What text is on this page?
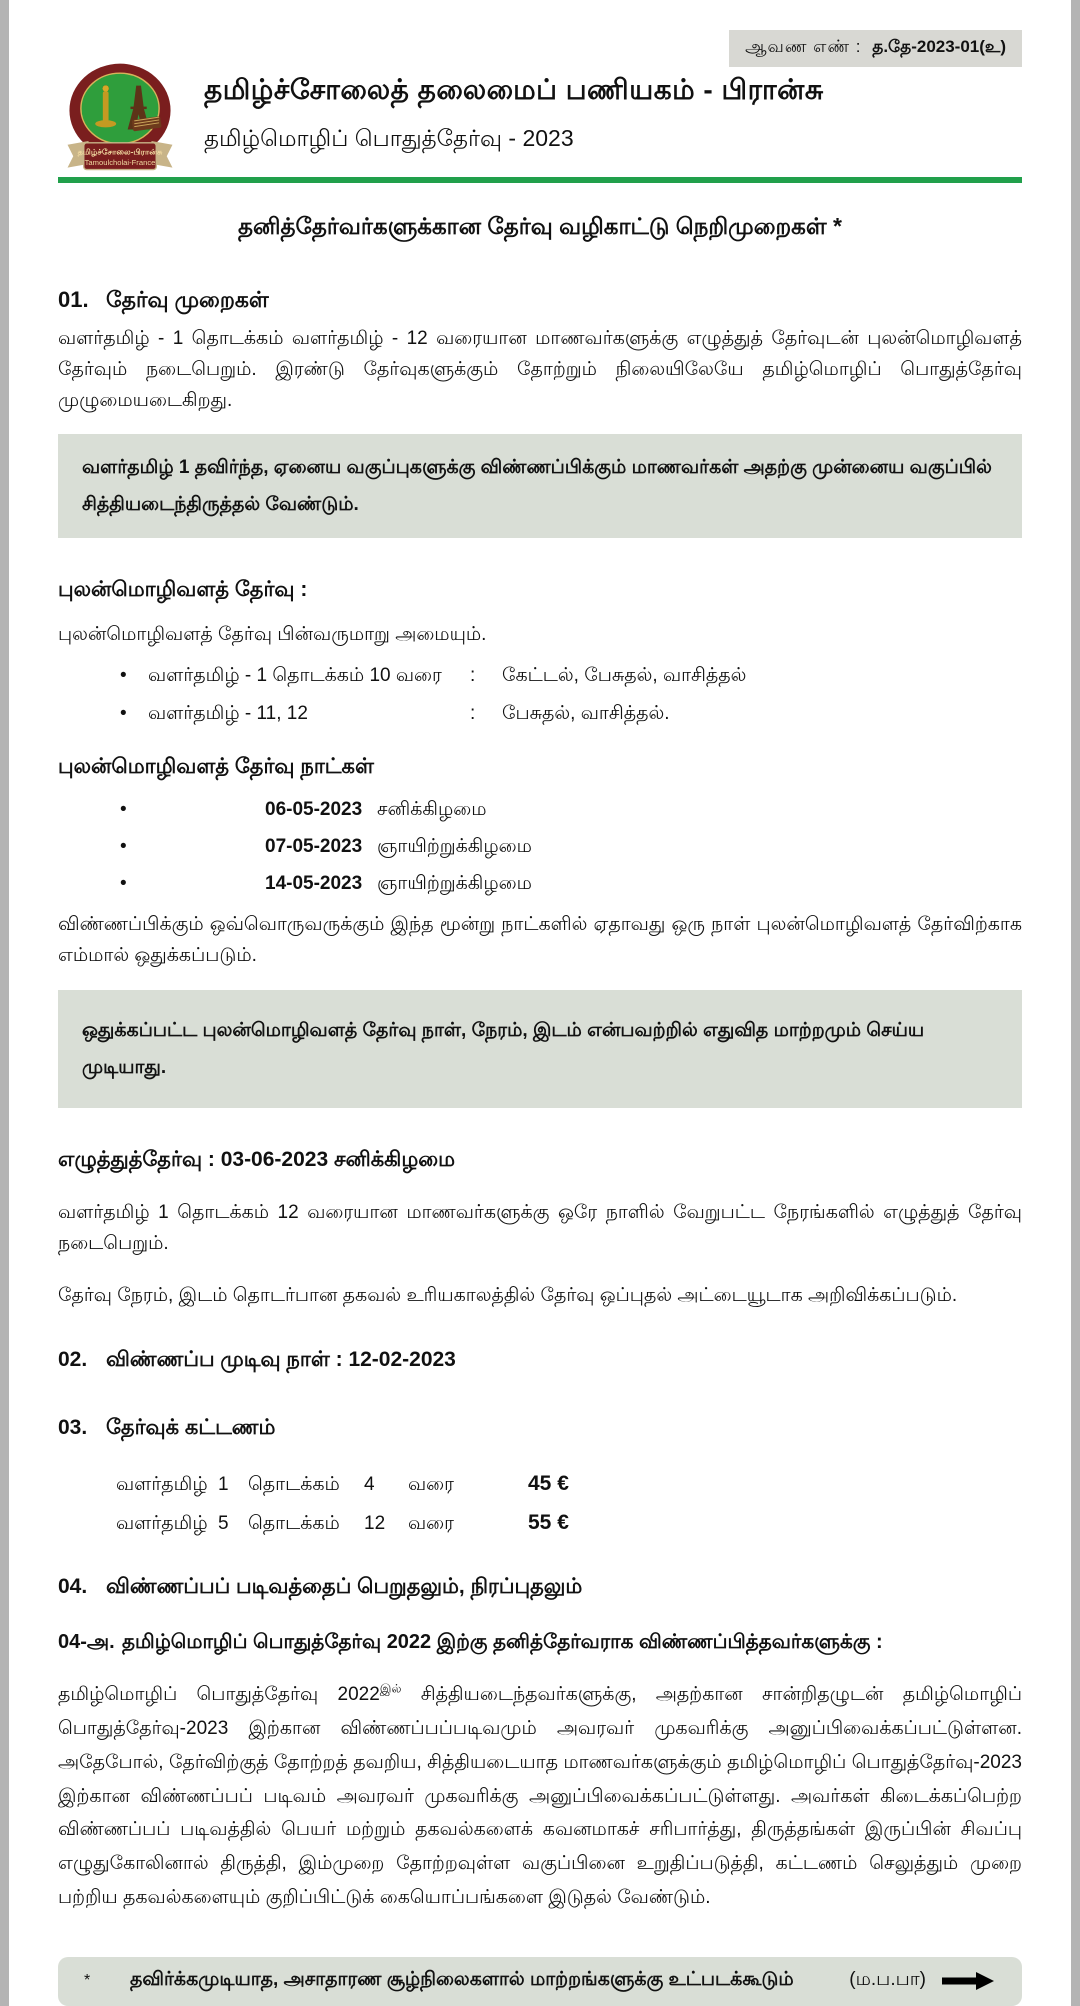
ஆவண எண் : த.தே-2023-01(உ)
தமிழ்ச்சோலை-பிரான்சு
Tamoulcholai-France
தமிழ்ச்சோலைத் தலைமைப் பணியகம் - பிரான்சு
தமிழ்மொழிப் பொதுத்தேர்வு - 2023
தனித்தேர்வர்களுக்கான தேர்வு வழிகாட்டு நெறிமுறைகள் *
01. தேர்வு முறைகள்

வளர்தமிழ் - 1 தொடக்கம் வளர்தமிழ் - 12 வரையான மாணவர்களுக்கு எழுத்துத் தேர்வுடன் புலன்மொழிவளத் தேர்வும் நடைபெறும். இரண்டு தேர்வுகளுக்கும் தோற்றும் நிலையிலேயே தமிழ்மொழிப் பொதுத்தேர்வு முழுமையடைகிறது.

வளர்தமிழ் 1 தவிர்ந்த, ஏனைய வகுப்புகளுக்கு விண்ணப்பிக்கும் மாணவர்கள் அதற்கு முன்னைய வகுப்பில் சித்தியடைந்திருத்தல் வேண்டும்.
புலன்மொழிவளத் தேர்வு :

புலன்மொழிவளத் தேர்வு பின்வருமாறு அமையும்.

•	வளர்தமிழ் - 1 தொடக்கம் 10 வரை	:	கேட்டல், பேசுதல், வாசித்தல்
•	வளர்தமிழ் - 11, 12	:	பேசுதல், வாசித்தல்.
புலன்மொழிவளத் தேர்வு நாட்கள்
•	06-05-2023 சனிக்கிழமை
•	07-05-2023 ஞாயிற்றுக்கிழமை
•	14-05-2023 ஞாயிற்றுக்கிழமை

விண்ணப்பிக்கும் ஒவ்வொருவருக்கும் இந்த மூன்று நாட்களில் ஏதாவது ஒரு நாள் புலன்மொழிவளத் தேர்விற்காக எம்மால் ஒதுக்கப்படும்.

ஒதுக்கப்பட்ட புலன்மொழிவளத் தேர்வு நாள், நேரம், இடம் என்பவற்றில் எதுவித மாற்றமும் செய்ய முடியாது.
எழுத்துத்தேர்வு : 03-06-2023 சனிக்கிழமை

வளர்தமிழ் 1 தொடக்கம் 12 வரையான மாணவர்களுக்கு ஒரே நாளில் வேறுபட்ட நேரங்களில் எழுத்துத் தேர்வு நடைபெறும்.

தேர்வு நேரம், இடம் தொடர்பான தகவல் உரியகாலத்தில் தேர்வு ஒப்புதல் அட்டையூடாக அறிவிக்கப்படும்.

02. விண்ணப்ப முடிவு நாள் : 12-02-2023
03. தேர்வுக் கட்டணம்
வளர்தமிழ் 1	தொடக்கம்	4	வரை	45 €
வளர்தமிழ் 5	தொடக்கம்	12	வரை	55 €
04. விண்ணப்பப் படிவத்தைப் பெறுதலும், நிரப்புதலும்
04-அ. தமிழ்மொழிப் பொதுத்தேர்வு 2022 இற்கு தனித்தேர்வராக விண்ணப்பித்தவர்களுக்கு :

தமிழ்மொழிப் பொதுத்தேர்வு 2022$^{இல்}$ சித்தியடைந்தவர்களுக்கு, அதற்கான சான்றிதழுடன் தமிழ்மொழிப் பொதுத்தேர்வு-2023 இற்கான விண்ணப்பப்படிவமும் அவரவர் முகவரிக்கு அனுப்பிவைக்கப்பட்டுள்ளன. அதேபோல், தேர்விற்குத் தோற்றத் தவறிய, சித்தியடையாத மாணவர்களுக்கும் தமிழ்மொழிப் பொதுத்தேர்வு-2023 இற்கான விண்ணப்பப் படிவம் அவரவர் முகவரிக்கு அனுப்பிவைக்கப்பட்டுள்ளது. அவர்கள் கிடைக்கப்பெற்ற விண்ணப்பப் படிவத்தில் பெயர் மற்றும் தகவல்களைக் கவனமாகச் சரிபார்த்து, திருத்தங்கள் இருப்பின் சிவப்பு எழுதுகோலினால் திருத்தி, இம்முறை தோற்றவுள்ள வகுப்பினை உறுதிப்படுத்தி, கட்டணம் செலுத்தும் முறை பற்றிய தகவல்களையும் குறிப்பிட்டுக் கையொப்பங்களை இடுதல் வேண்டும்.

*	தவிர்க்கமுடியாத, அசாதாரண சூழ்நிலைகளால் மாற்றங்களுக்கு உட்படக்கூடும்	(ம.ப.பா)
